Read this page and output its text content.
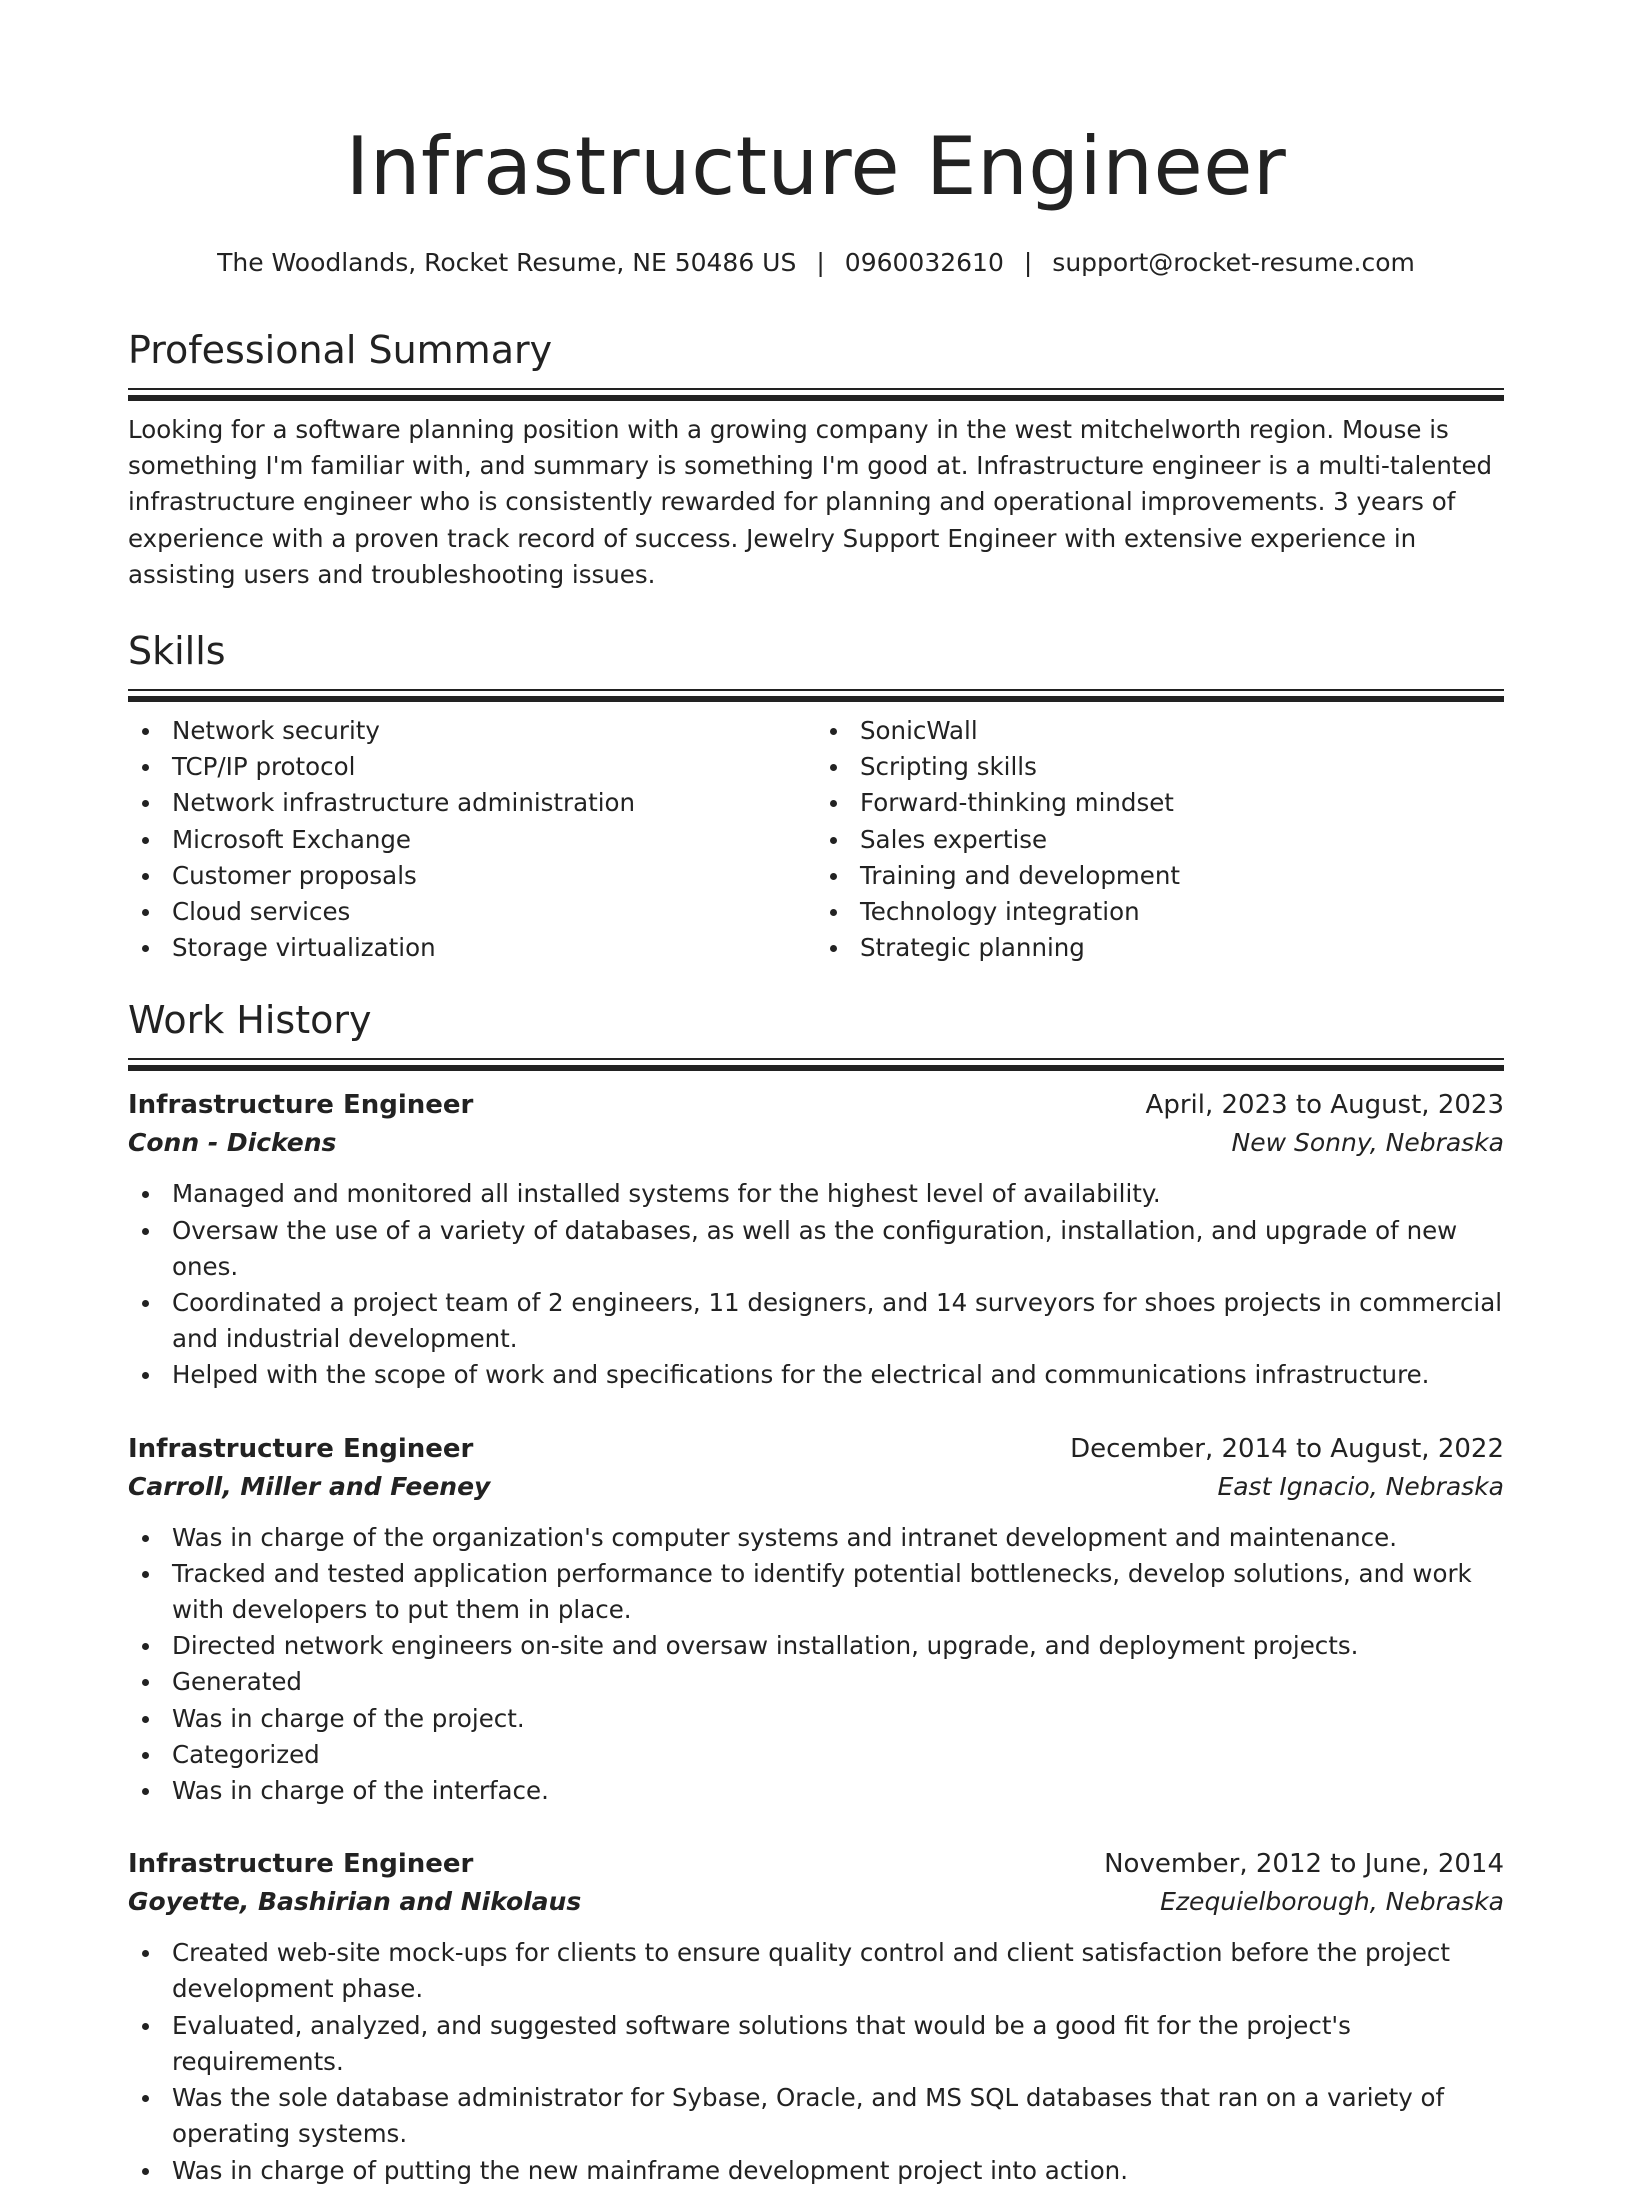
Infrastructure Engineer
The Woodlands, Rocket Resume, NE 50486 US | 0960032610 | support@rocket-resume.com
Professional Summary

Looking for a software planning position with a growing company in the west mitchelworth region. Mouse is something I'm familiar with, and summary is something I'm good at. Infrastructure engineer is a multi-talented infrastructure engineer who is consistently rewarded for planning and operational improvements. 3 years of experience with a proven track record of success. Jewelry Support Engineer with extensive experience in assisting users and troubleshooting issues.

Skills
Network security
TCP/IP protocol
Network infrastructure administration
Microsoft Exchange
Customer proposals
Cloud services
Storage virtualization
SonicWall
Scripting skills
Forward-thinking mindset
Sales expertise
Training and development
Technology integration
Strategic planning
Work History
Infrastructure Engineer	April, 2023 to August, 2023
Conn - Dickens	New Sonny, Nebraska
Managed and monitored all installed systems for the highest level of availability.
Oversaw the use of a variety of databases, as well as the configuration, installation, and upgrade of new ones.
Coordinated a project team of 2 engineers, 11 designers, and 14 surveyors for shoes projects in commercial and industrial development.
Helped with the scope of work and specifications for the electrical and communications infrastructure.
Infrastructure Engineer	December, 2014 to August, 2022
Carroll, Miller and Feeney	East Ignacio, Nebraska
Was in charge of the organization's computer systems and intranet development and maintenance.
Tracked and tested application performance to identify potential bottlenecks, develop solutions, and work with developers to put them in place.
Directed network engineers on-site and oversaw installation, upgrade, and deployment projects.
Generated
Was in charge of the project.
Categorized
Was in charge of the interface.
Infrastructure Engineer	November, 2012 to June, 2014
Goyette, Bashirian and Nikolaus	Ezequielborough, Nebraska
Created web-site mock-ups for clients to ensure quality control and client satisfaction before the project development phase.
Evaluated, analyzed, and suggested software solutions that would be a good fit for the project's requirements.
Was the sole database administrator for Sybase, Oracle, and MS SQL databases that ran on a variety of operating systems.
Was in charge of putting the new mainframe development project into action.
